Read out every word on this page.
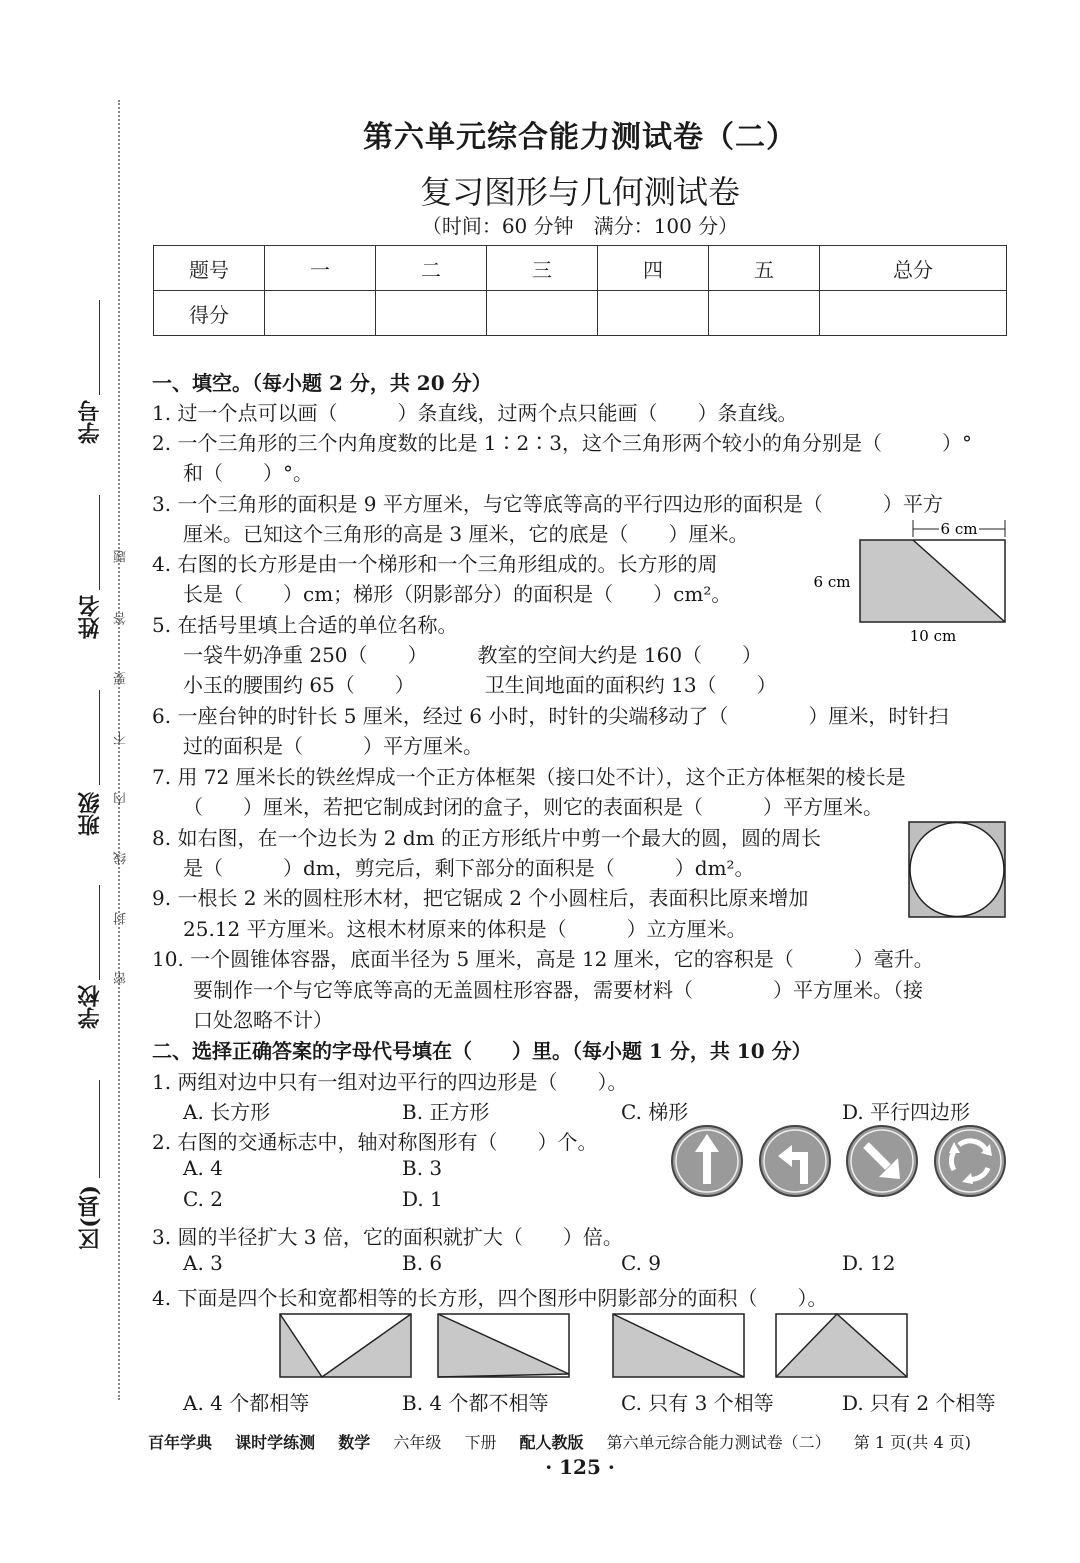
学号
姓名
班级
学校
区(县)
题
答
要
不
内
线
封
密
第六单元综合能力测试卷（二）
复习图形与几何测试卷
（时间：60 分钟　满分：100 分）
题号	一	二	三	四	五	总分
得分						
一、填空。（每小题 2 分，共 20 分）
1. 过一个点可以画（　　　）条直线，过两个点只能画（　　）条直线。
2. 一个三角形的三个内角度数的比是 1∶2∶3，这个三角形两个较小的角分别是（　　　）°
和（　　）°。
3. 一个三角形的面积是 9 平方厘米，与它等底等高的平行四边形的面积是（　　　）平方
厘米。已知这个三角形的高是 3 厘米，它的底是（　　）厘米。
4. 右图的长方形是由一个梯形和一个三角形组成的。长方形的周
长是（　　）cm；梯形（阴影部分）的面积是（　　）cm²。
5. 在括号里填上合适的单位名称。
一袋牛奶净重 250（　　）　　　教室的空间大约是 160（　　）
小玉的腰围约 65（　　）　　　　卫生间地面的面积约 13（　　）
6. 一座台钟的时针长 5 厘米，经过 6 小时，时针的尖端移动了（　　　　）厘米，时针扫
过的面积是（　　　）平方厘米。
7. 用 72 厘米长的铁丝焊成一个正方体框架（接口处不计），这个正方体框架的棱长是
（　　）厘米，若把它制成封闭的盒子，则它的表面积是（　　　）平方厘米。
8. 如右图，在一个边长为 2 dm 的正方形纸片中剪一个最大的圆，圆的周长
是（　　　）dm，剪完后，剩下部分的面积是（　　　）dm²。
9. 一根长 2 米的圆柱形木材，把它锯成 2 个小圆柱后，表面积比原来增加
25.12 平方厘米。这根木材原来的体积是（　　　）立方厘米。
10. 一个圆锥体容器，底面半径为 5 厘米，高是 12 厘米，它的容积是（　　　）毫升。
要制作一个与它等底等高的无盖圆柱形容器，需要材料（　　　　）平方厘米。（接
口处忽略不计）
6 cm
6 cm
10 cm
二、选择正确答案的字母代号填在（　　）里。（每小题 1 分，共 10 分）
1. 两组对边中只有一组对边平行的四边形是（　　）。
A. 长方形	B. 正方形	C. 梯形	D. 平行四边形
2. 右图的交通标志中，轴对称图形有（　　）个。
A. 4	B. 3
C. 2	D. 1
3. 圆的半径扩大 3 倍，它的面积就扩大（　　）倍。
A. 3	B. 6	C. 9	D. 12
4. 下面是四个长和宽都相等的长方形，四个图形中阴影部分的面积（　　）。
A. 4 个都相等	B. 4 个都不相等	C. 只有 3 个相等	D. 只有 2 个相等
百年学典 课时学练测 数学 六年级 下册 配人教版 第六单元综合能力测试卷（二） 第 1 页(共 4 页)
· 125 ·
